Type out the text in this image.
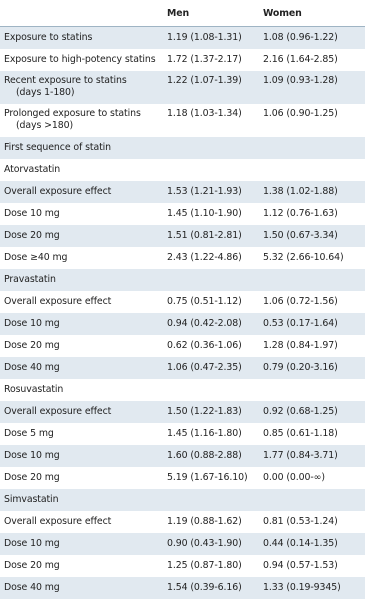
	Men	Women
Exposure to statins	1.19 (1.08-1.31)	1.08 (0.96-1.22)
Exposure to high-potency statins	1.72 (1.37-2.17)	2.16 (1.64-2.85)
Recent exposure to statins
(days 1-180)	1.22 (1.07-1.39)	1.09 (0.93-1.28)
Prolonged exposure to statins
(days >180)	1.18 (1.03-1.34)	1.06 (0.90-1.25)
First sequence of statin		
Atorvastatin		
Overall exposure effect	1.53 (1.21-1.93)	1.38 (1.02-1.88)
Dose 10 mg	1.45 (1.10-1.90)	1.12 (0.76-1.63)
Dose 20 mg	1.51 (0.81-2.81)	1.50 (0.67-3.34)
Dose ≥40 mg	2.43 (1.22-4.86)	5.32 (2.66-10.64)
Pravastatin		
Overall exposure effect	0.75 (0.51-1.12)	1.06 (0.72-1.56)
Dose 10 mg	0.94 (0.42-2.08)	0.53 (0.17-1.64)
Dose 20 mg	0.62 (0.36-1.06)	1.28 (0.84-1.97)
Dose 40 mg	1.06 (0.47-2.35)	0.79 (0.20-3.16)
Rosuvastatin		
Overall exposure effect	1.50 (1.22-1.83)	0.92 (0.68-1.25)
Dose 5 mg	1.45 (1.16-1.80)	0.85 (0.61-1.18)
Dose 10 mg	1.60 (0.88-2.88)	1.77 (0.84-3.71)
Dose 20 mg	5.19 (1.67-16.10)	0.00 (0.00-∞)
Simvastatin		
Overall exposure effect	1.19 (0.88-1.62)	0.81 (0.53-1.24)
Dose 10 mg	0.90 (0.43-1.90)	0.44 (0.14-1.35)
Dose 20 mg	1.25 (0.87-1.80)	0.94 (0.57-1.53)
Dose 40 mg	1.54 (0.39-6.16)	1.33 (0.19-9345)
